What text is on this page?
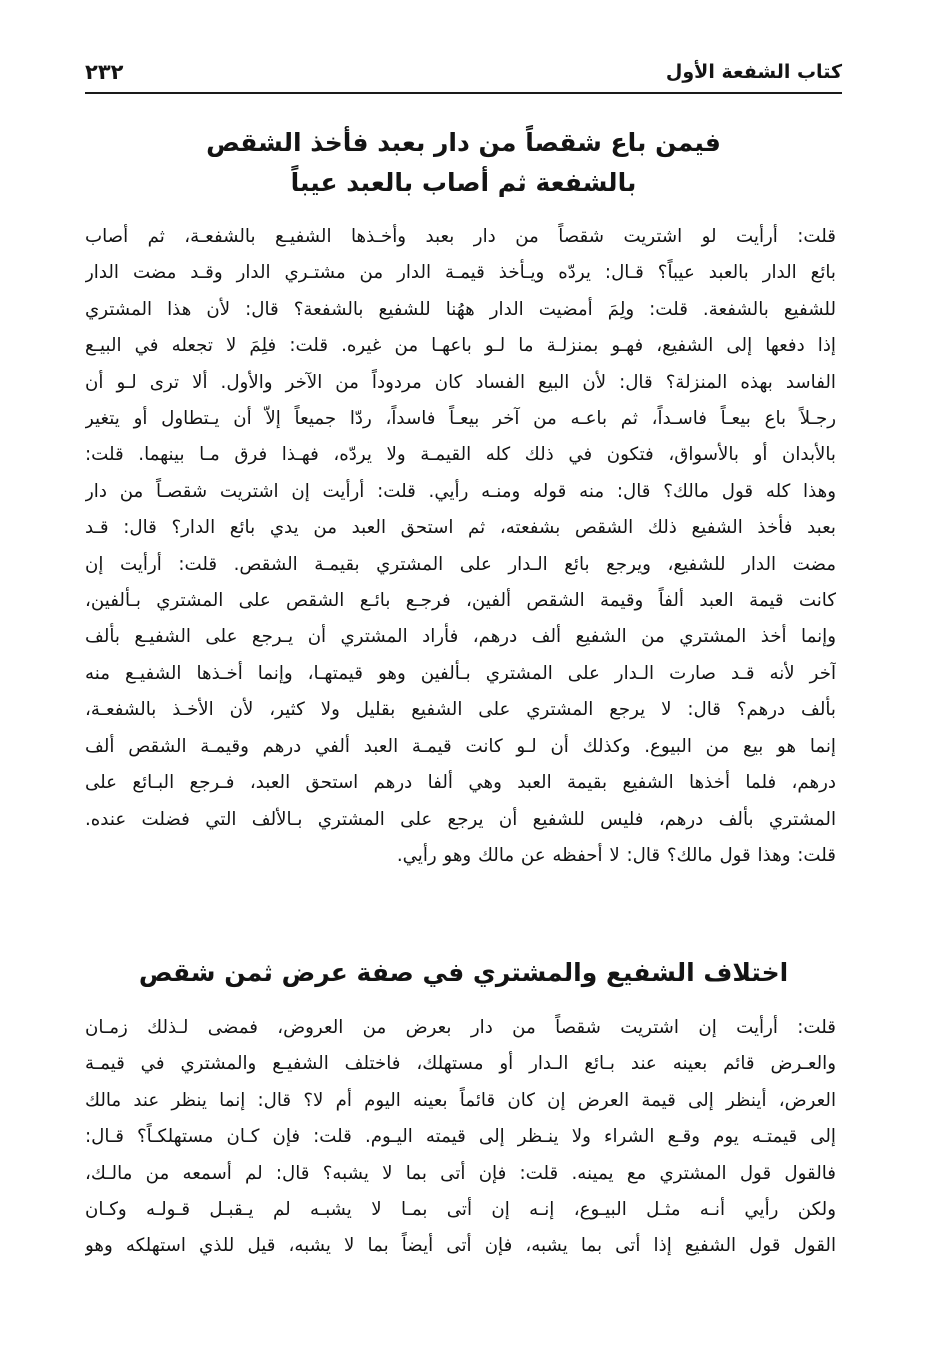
كتاب الشفعة الأول
٢٣٢
فيمن باع شقصاً من دار بعبد فأخذ الشقص
بالشفعة ثم أصاب بالعبد عيباً
قلت: أرأيت لو اشتريت شقصاً من دار بعبد وأخـذها الشفيـع بالشفعـة، ثم أصاب
بائع الدار بالعبد عيباً؟ قـال: يردّه ويـأخذ قيمـة الدار من مشتـري الدار وقـد مضت الدار
للشفيع بالشفعة. قلت: ولِمَ أمضيت الدار ههُنا للشفيع بالشفعة؟ قال: لأن هذا المشتري
إذا دفعها إلى الشفيع، فهـو بمنزلـة ما لـو باعهـا من غيره. قلت: فلِمَ لا تجعله في البيـع
الفاسد بهذه المنزلة؟ قال: لأن البيع الفساد كان مردوداً من الآخر والأول. ألا ترى لـو أن
رجـلاً باع بيعـاً فاسـداً، ثم باعـه من آخر بيعـاً فاسداً، ردّا جميعاً إلاّ أن يـتطاول أو يتغير
بالأبدان أو بالأسواق، فتكون في ذلك كله القيمـة ولا يردّه، فهـذا فرق مـا بينهما. قلت:
وهذا كله قول مالك؟ قال: منه قوله ومنـه رأيي. قلت: أرأيت إن اشتريت شقصـاً من دار
بعبد فأخذ الشفيع ذلك الشقص بشفعته، ثم استحق العبد من يدي بائع الدار؟ قال: قـد
مضت الدار للشفيع، ويرجع بائع الـدار على المشتري بقيمـة الشقص. قلت: أرأيت إن
كانت قيمة العبد ألفاً وقيمة الشقص ألفين، فرجـع بائـع الشقص على المشتري بـألفين،
وإنما أخذ المشتري من الشفيع ألف درهم، فأراد المشتري أن يـرجع على الشفيـع بألف
آخر لأنه قـد صارت الـدار على المشتري بـألفين وهو قيمتهـا، وإنما أخـذها الشفيـع منه
بألف درهم؟ قال: لا يرجع المشتري على الشفيع بقليل ولا كثير، لأن الأخـذ بالشفعـة،
إنما هو بيع من البيوع. وكذلك أن لـو كانت قيمـة العبد ألفي درهم وقيمـة الشقص ألف
درهم، فلما أخذها الشفيع بقيمة العبد وهي ألفا درهم استحق العبد، فـرجع البـائع على
المشتري بألف درهم، فليس للشفيع أن يرجع على المشتري بـالألف التي فضلت عنده.
قلت: وهذا قول مالك؟ قال: لا أحفظه عن مالك وهو رأيي.
اختلاف الشفيع والمشتري في صفة عرض ثمن شقص
قلت: أرأيت إن اشتريت شقصاً من دار بعرض من العروض، فمضى لـذلك زمـان
والعـرض قائم بعينه عند بـائع الـدار أو مستهلك، فاختلف الشفيـع والمشتري في قيمـة
العرض، أينظر إلى قيمة العرض إن كان قائماً بعينه اليوم أم لا؟ قال: إنما ينظر عند مالك
إلى قيمتـه يوم وقـع الشراء ولا ينـظر إلى قيمته اليـوم. قلت: فإن كـان مستهلكـاً؟ قـال:
فالقول قول المشتري مع يمينه. قلت: فإن أتى بما لا يشبه؟ قال: لم أسمعه من مالـك،
ولكن رأيي أنـه مثـل البيـوع، إنـه إن أتى بمـا لا يشبـه لم يـقبـل قـولـه وكـان
القول قول الشفيع إذا أتى بما يشبه، فإن أتى أيضاً بما لا يشبه، قيل للذي استهلكه وهو
